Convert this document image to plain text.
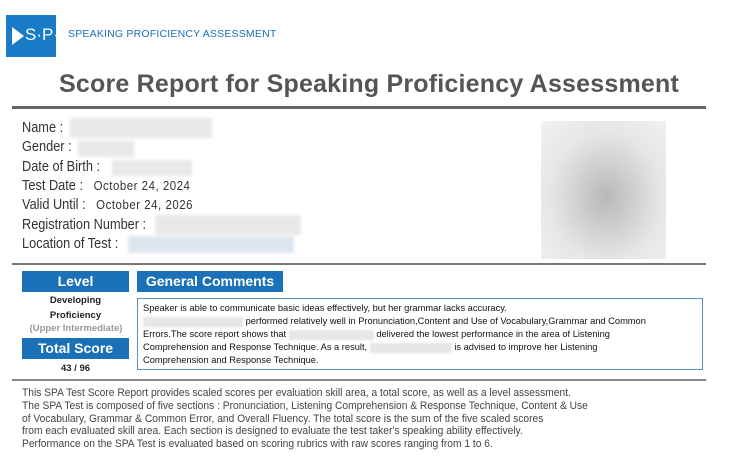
S·P·A
SPEAKING PROFICIENCY ASSESSMENT
Score Report for Speaking Proficiency Assessment
Name :
Gender :
Date of Birth :
Test Date : October 24, 2024
Valid Until : October 24, 2026
Registration Number :
Location of Test :
Level
Developing
Proficiency
(Upper Intermediate)
Total Score
43 / 96
General Comments
Speaker is able to communicate basic ideas effectively, but her grammar lacks accuracy.
performed relatively well in Pronunciation,Content and Use of Vocabulary,Grammar and Common
Errors.The score report shows that	delivered the lowest performance in the area of Listening
Comprehension and Response Technique. As a result,	is advised to improve her Listening
Comprehension and Response Technique.
This SPA Test Score Report provides scaled scores per evaluation skill area, a total score, as well as a level assessment.
The SPA Test is composed of five sections : Pronunciation, Listening Comprehension & Response Technique, Content & Use
of Vocabulary, Grammar & Common Error, and Overall Fluency. The total score is the sum of the five scaled scores
from each evaluated skill area. Each section is designed to evaluate the test taker's speaking ability effectively.
Performance on the SPA Test is evaluated based on scoring rubrics with raw scores ranging from 1 to 6.
